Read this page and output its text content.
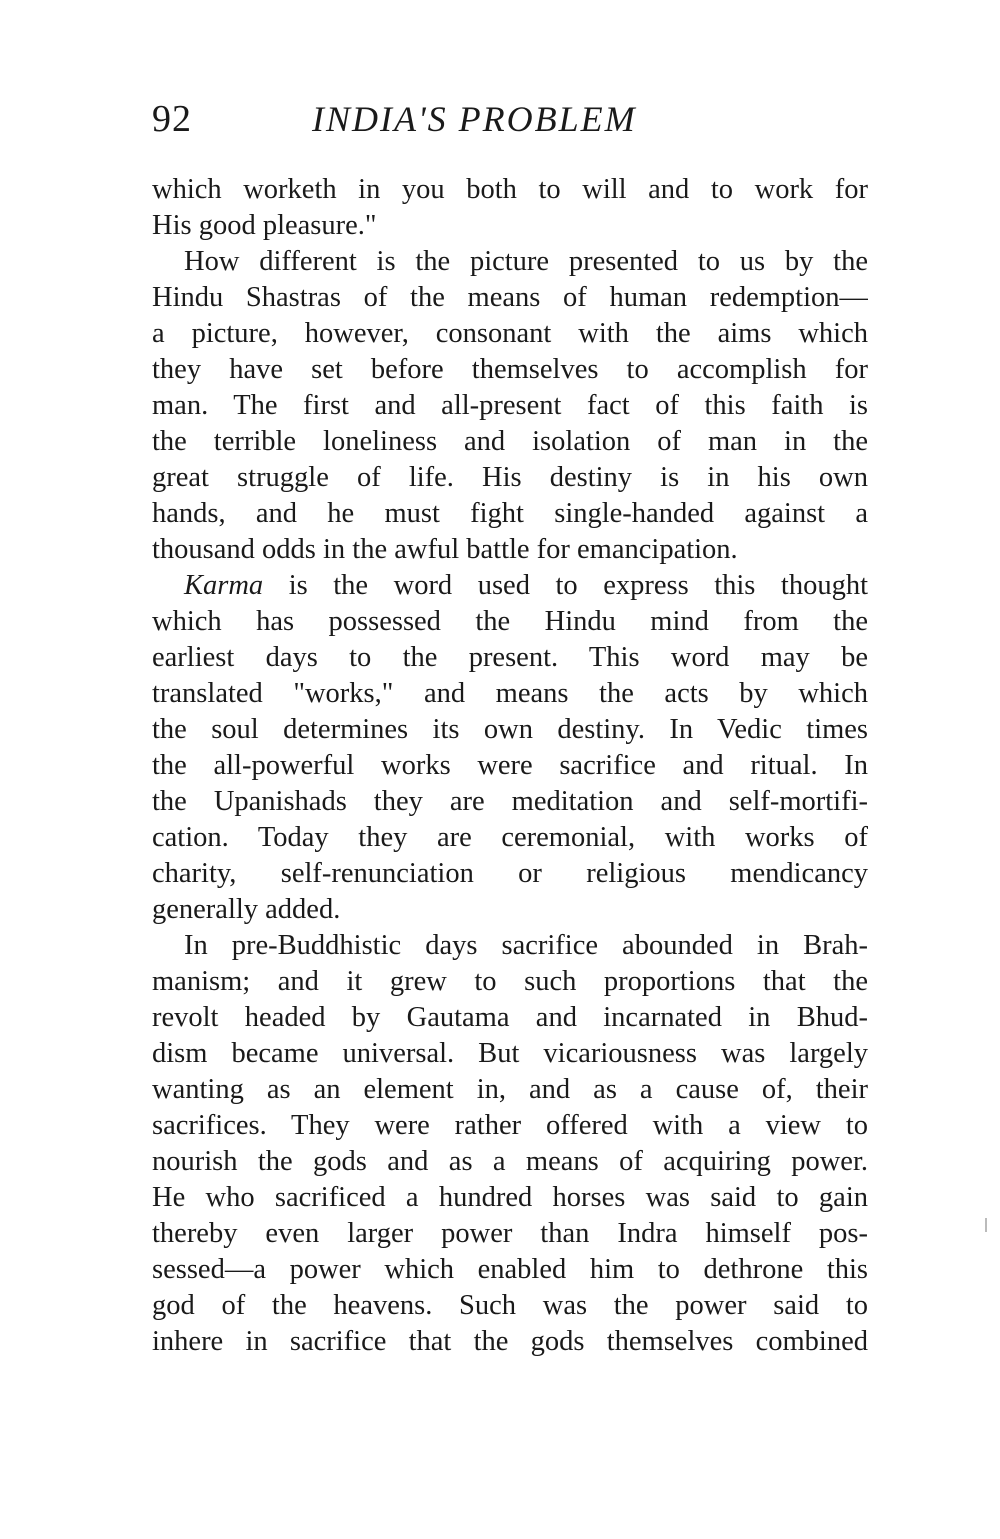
92	INDIA'S PROBLEM
which worketh in you both to will and to work for
His good pleasure."
How different is the picture presented to us by the
Hindu Shastras of the means of human redemption—
a picture, however, consonant with the aims which
they have set before themselves to accomplish for
man. The first and all-present fact of this faith is
the terrible loneliness and isolation of man in the
great struggle of life. His destiny is in his own
hands, and he must fight single-handed against a
thousand odds in the awful battle for emancipation.
Karma is the word used to express this thought
which has possessed the Hindu mind from the
earliest days to the present. This word may be
translated "works," and means the acts by which
the soul determines its own destiny. In Vedic times
the all-powerful works were sacrifice and ritual. In
the Upanishads they are meditation and self-mortifi-
cation. Today they are ceremonial, with works of
charity, self-renunciation or religious mendicancy
generally added.
In pre-Buddhistic days sacrifice abounded in Brah-
manism; and it grew to such proportions that the
revolt headed by Gautama and incarnated in Bhud-
dism became universal. But vicariousness was largely
wanting as an element in, and as a cause of, their
sacrifices. They were rather offered with a view to
nourish the gods and as a means of acquiring power.
He who sacrificed a hundred horses was said to gain
thereby even larger power than Indra himself pos-
sessed—a power which enabled him to dethrone this
god of the heavens. Such was the power said to
inhere in sacrifice that the gods themselves combined
